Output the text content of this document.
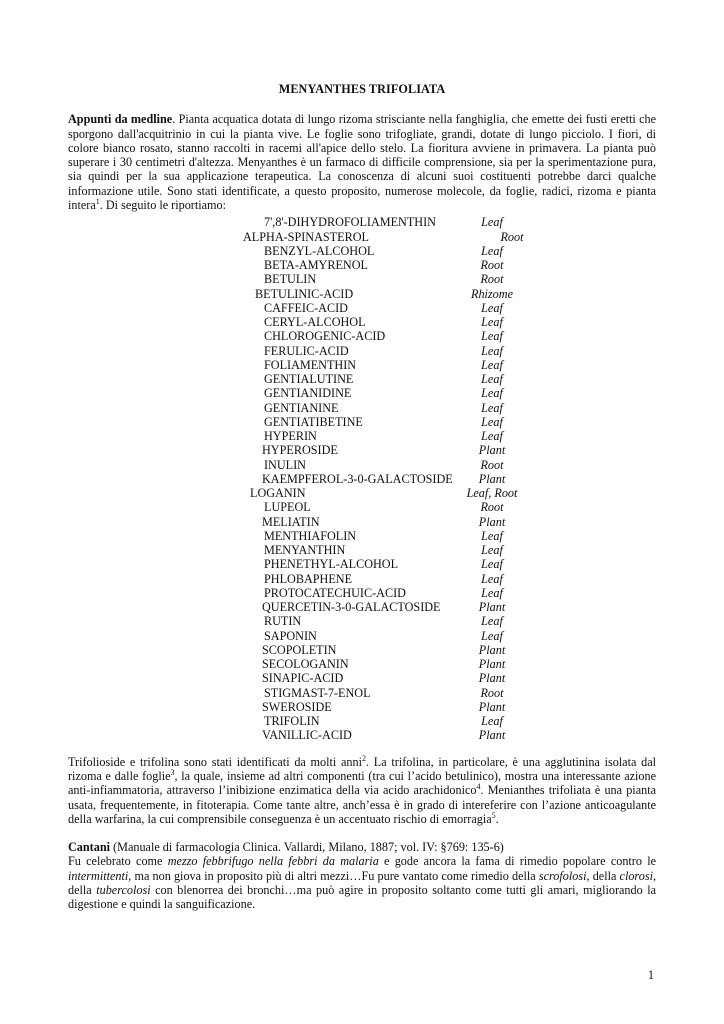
MENYANTHES TRIFOLIATA

Appunti da medline. Pianta acquatica dotata di lungo rizoma strisciante nella fanghiglia, che emette dei fusti eretti che sporgono dall'acquitrinio in cui la pianta vive. Le foglie sono trifogliate, grandi, dotate di lungo picciolo. I fiori, di colore bianco rosato, stanno raccolti in racemi all'apice dello stelo. La fioritura avviene in primavera. La pianta può superare i 30 centimetri d'altezza. Menyanthes è un farmaco di difficile comprensione, sia per la sperimentazione pura, sia quindi per la sua applicazione terapeutica. La conoscenza di alcuni suoi costituenti potrebbe darci qualche informazione utile. Sono stati identificate, a questo proposito, numerose molecole, da foglie, radici, rizoma e pianta intera$^1$. Di seguito le riportiamo:

7',8'-DIHYDROFOLIAMENTHIN	Leaf
ALPHA-SPINASTEROL	Root
BENZYL-ALCOHOL	Leaf
BETA-AMYRENOL	Root
BETULIN	Root
BETULINIC-ACID	Rhizome
CAFFEIC-ACID	Leaf
CERYL-ALCOHOL	Leaf
CHLOROGENIC-ACID	Leaf
FERULIC-ACID	Leaf
FOLIAMENTHIN	Leaf
GENTIALUTINE	Leaf
GENTIANIDINE	Leaf
GENTIANINE	Leaf
GENTIATIBETINE	Leaf
HYPERIN	Leaf
HYPEROSIDE	Plant
INULIN	Root
KAEMPFEROL-3-0-GALACTOSIDE	Plant
LOGANIN	Leaf, Root
LUPEOL	Root
MELIATIN	Plant
MENTHIAFOLIN	Leaf
MENYANTHIN	Leaf
PHENETHYL-ALCOHOL	Leaf
PHLOBAPHENE	Leaf
PROTOCATECHUIC-ACID	Leaf
QUERCETIN-3-0-GALACTOSIDE	Plant
RUTIN	Leaf
SAPONIN	Leaf
SCOPOLETIN	Plant
SECOLOGANIN	Plant
SINAPIC-ACID	Plant
STIGMAST-7-ENOL	Root
SWEROSIDE	Plant
TRIFOLIN	Leaf
VANILLIC-ACID	Plant

Trifolioside e trifolina sono stati identificati da molti anni$^2$. La trifolina, in particolare, è una agglutinina isolata dal rizoma e dalle foglie$^3$, la quale, insieme ad altri componenti (tra cui l’acido betulinico), mostra una interessante azione anti-infiammatoria, attraverso l’inibizione enzimatica della via acido arachidonico$^4$. Menianthes trifoliata è una pianta usata, frequentemente, in fitoterapia. Come tante altre, anch’essa è in grado di intereferire con l’azione anticoagulante della warfarina, la cui comprensibile conseguenza è un accentuato rischio di emorragia$^5$.

Cantani (Manuale di farmacologia Clinica. Vallardi, Milano, 1887; vol. IV: §769: 135-6)

Fu celebrato come mezzo febbrifugo nella febbri da malaria e gode ancora la fama di rimedio popolare contro le intermittenti, ma non giova in proposito più di altri mezzi…Fu pure vantato come rimedio della scrofolosi, della clorosi, della tubercolosi con blenorrea dei bronchi…ma può agire in proposito soltanto come tutti gli amari, migliorando la digestione e quindi la sanguificazione.

1
